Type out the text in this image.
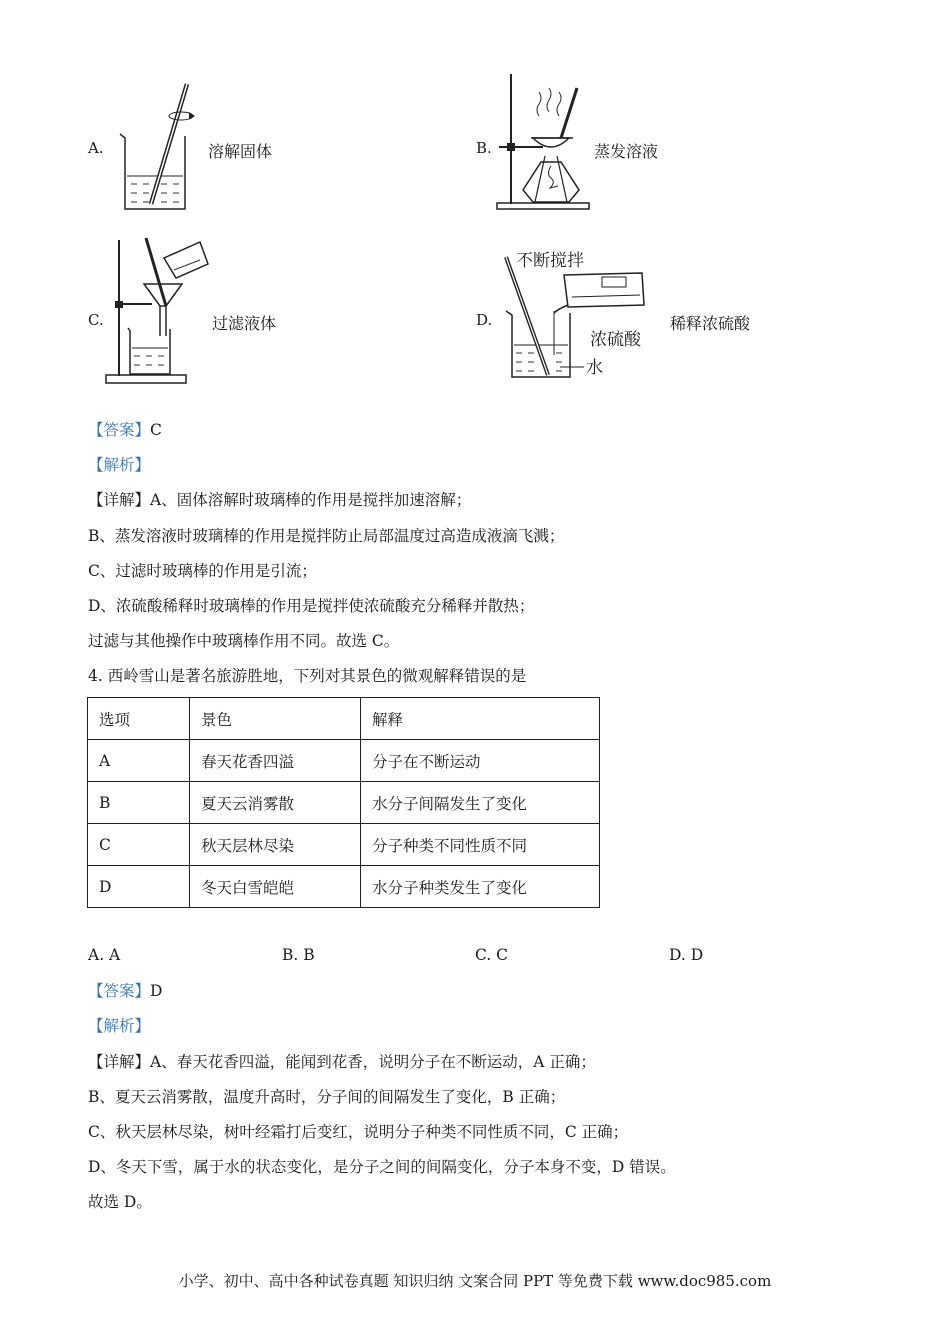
A.	溶解固体	B.	蒸发溶液
C.	过滤液体	D.
不断搅拌
浓硫酸
水
稀释浓硫酸
【答案】C
【解析】
【详解】A、固体溶解时玻璃棒的作用是搅拌加速溶解；
B、蒸发溶液时玻璃棒的作用是搅拌防止局部温度过高造成液滴飞溅；
C、过滤时玻璃棒的作用是引流；
D、浓硫酸稀释时玻璃棒的作用是搅拌使浓硫酸充分稀释并散热；
过滤与其他操作中玻璃棒作用不同。故选 C。
4. 西岭雪山是著名旅游胜地，下列对其景色的微观解释错误的是
选项	景色	解释
A	春天花香四溢	分子在不断运动
B	夏天云消雾散	水分子间隔发生了变化
C	秋天层林尽染	分子种类不同性质不同
D	冬天白雪皑皑	水分子种类发生了变化
A. A	B. B	C. C	D. D
【答案】D
【解析】
【详解】A、春天花香四溢，能闻到花香，说明分子在不断运动，A 正确；
B、夏天云消雾散，温度升高时，分子间的间隔发生了变化，B 正确；
C、秋天层林尽染，树叶经霜打后变红，说明分子种类不同性质不同，C 正确；
D、冬天下雪，属于水的状态变化，是分子之间的间隔变化，分子本身不变，D 错误。
故选 D。
小学、初中、高中各种试卷真题 知识归纳 文案合同 PPT 等免费下载 www.doc985.com
